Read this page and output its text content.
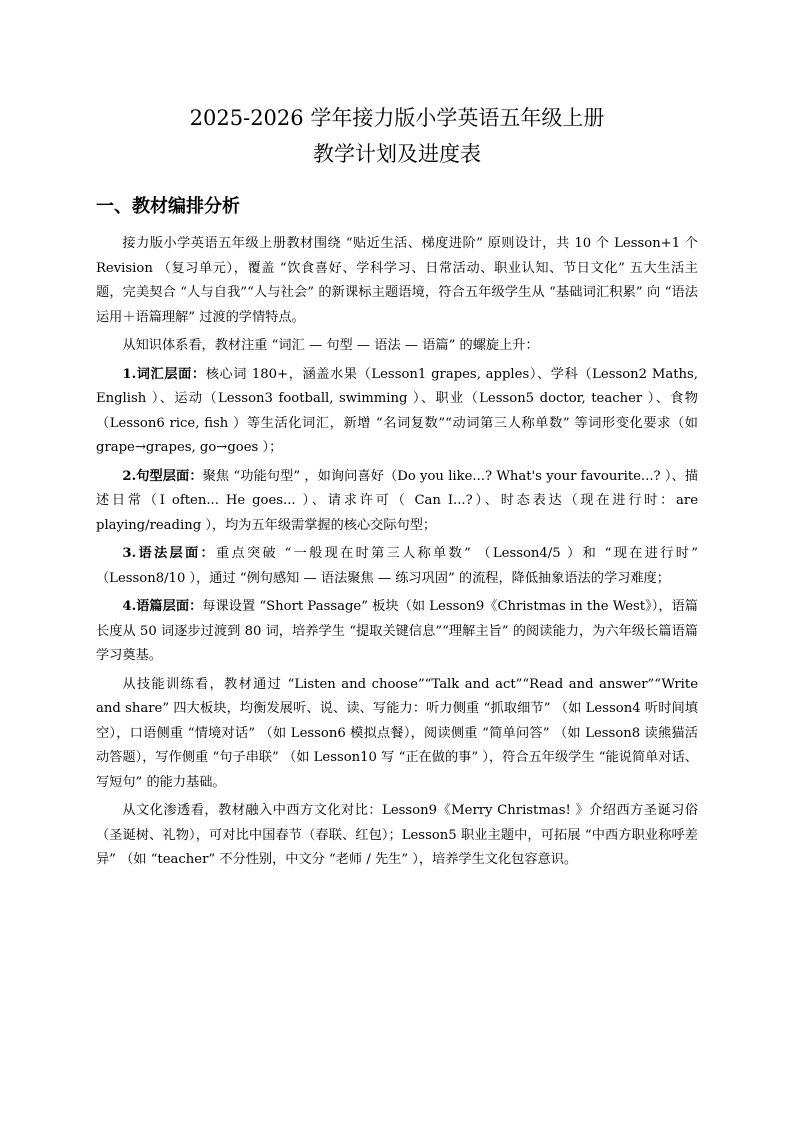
2025-2026 学年接力版小学英语五年级上册
教学计划及进度表
一、教材编排分析

接力版小学英语五年级上册教材围绕 “贴近生活、梯度进阶” 原则设计，共 10 个 Lesson+1 个 Revision （复习单元），覆盖 “饮食喜好、学科学习、日常活动、职业认知、节日文化” 五大生活主题，完美契合 “人与自我”“人与社会” 的新课标主题语境，符合五年级学生从 “基础词汇积累” 向 “语法运用＋语篇理解” 过渡的学情特点。

从知识体系看，教材注重 “词汇 — 句型 — 语法 — 语篇” 的螺旋上升：

1.词汇层面：核心词 180+，涵盖水果（Lesson1 grapes, apples）、学科（Lesson2 Maths, English ）、运动（Lesson3 football, swimming ）、职业（Lesson5 doctor, teacher ）、食物（Lesson6 rice, fish ）等生活化词汇，新增 “名词复数”“动词第三人称单数” 等词形变化要求（如 grape→grapes, go→goes ）；

2.句型层面：聚焦 “功能句型” ，如询问喜好（Do you like...? What's your favourite...? ）、描述日常（I often... He goes... ）、请求许可（ Can I...?）、时态表达（现在进行时：are playing/reading ），均为五年级需掌握的核心交际句型；

3.语法层面：重点突破 “一般现在时第三人称单数” （Lesson4/5 ）和 “现在进行时” （Lesson8/10 ），通过 “例句感知 — 语法聚焦 — 练习巩固” 的流程，降低抽象语法的学习难度；

4.语篇层面：每课设置 “Short Passage” 板块（如 Lesson9《Christmas in the West》），语篇长度从 50 词逐步过渡到 80 词，培养学生 “提取关键信息”“理解主旨” 的阅读能力，为六年级长篇语篇学习奠基。

从技能训练看，教材通过 “Listen and choose”“Talk and act”“Read and answer”“Write and share” 四大板块，均衡发展听、说、读、写能力：听力侧重 “抓取细节” （如 Lesson4 听时间填空），口语侧重 “情境对话” （如 Lesson6 模拟点餐），阅读侧重 “简单问答” （如 Lesson8 读熊猫活动答题），写作侧重 “句子串联” （如 Lesson10 写 “正在做的事” ），符合五年级学生 “能说简单对话、写短句” 的能力基础。

从文化渗透看，教材融入中西方文化对比：Lesson9《Merry Christmas! 》介绍西方圣诞习俗（圣诞树、礼物），可对比中国春节（春联、红包）；Lesson5 职业主题中，可拓展 “中西方职业称呼差异” （如 “teacher” 不分性别，中文分 “老师 / 先生” ），培养学生文化包容意识。
